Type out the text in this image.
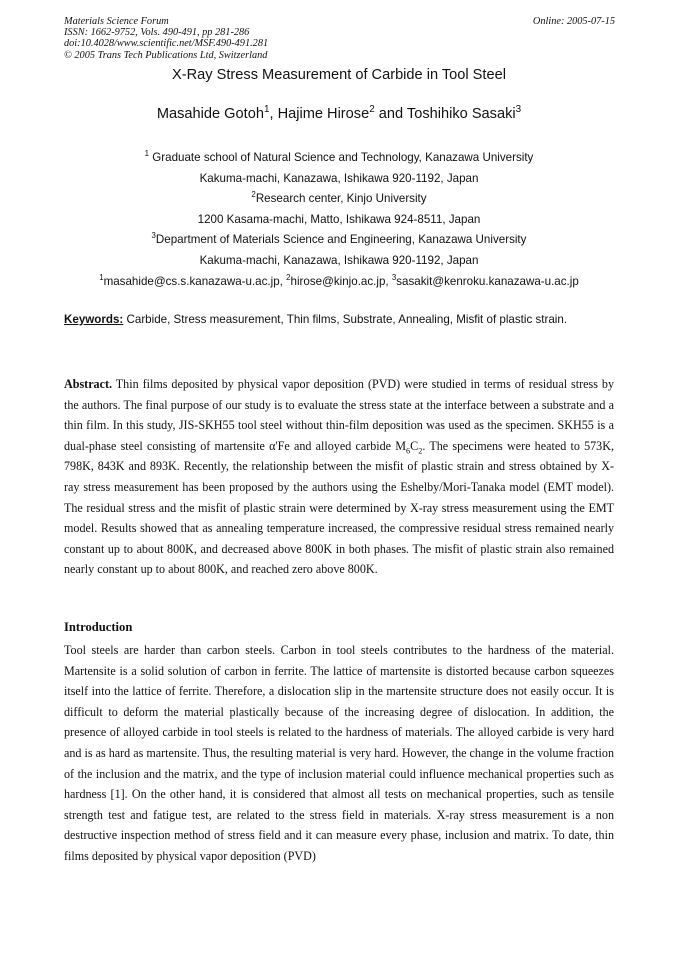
Materials Science Forum
ISSN: 1662-9752, Vols. 490-491, pp 281-286
doi:10.4028/www.scientific.net/MSF.490-491.281
© 2005 Trans Tech Publications Ltd, Switzerland
Online: 2005-07-15
X-Ray Stress Measurement of Carbide in Tool Steel
Masahide Gotoh$^1$, Hajime Hirose$^2$ and Toshihiko Sasaki$^3$
$^1$ Graduate school of Natural Science and Technology, Kanazawa University
Kakuma-machi, Kanazawa, Ishikawa 920-1192, Japan
$^2$Research center, Kinjo University
1200 Kasama-machi, Matto, Ishikawa 924-8511, Japan
$^3$Department of Materials Science and Engineering, Kanazawa University
Kakuma-machi, Kanazawa, Ishikawa 920-1192, Japan
$^1$masahide@cs.s.kanazawa-u.ac.jp, $^2$hirose@kinjo.ac.jp, $^3$sasakit@kenroku.kanazawa-u.ac.jp
Keywords: Carbide, Stress measurement, Thin films, Substrate, Annealing, Misfit of plastic strain.

Abstract. Thin films deposited by physical vapor deposition (PVD) were studied in terms of residual stress by the authors. The final purpose of our study is to evaluate the stress state at the interface between a substrate and a thin film. In this study, JIS-SKH55 tool steel without thin-film deposition was used as the specimen. SKH55 is a dual-phase steel consisting of martensite α'Fe and alloyed carbide $M_6C_2$. The specimens were heated to 573K, 798K, 843K and 893K. Recently, the relationship between the misfit of plastic strain and stress obtained by X-ray stress measurement has been proposed by the authors using the Eshelby/Mori-Tanaka model (EMT model). The residual stress and the misfit of plastic strain were determined by X-ray stress measurement using the EMT model. Results showed that as annealing temperature increased, the compressive residual stress remained nearly constant up to about 800K, and decreased above 800K in both phases. The misfit of plastic strain also remained nearly constant up to about 800K, and reached zero above 800K.

Introduction

Tool steels are harder than carbon steels. Carbon in tool steels contributes to the hardness of the material. Martensite is a solid solution of carbon in ferrite. The lattice of martensite is distorted because carbon squeezes itself into the lattice of ferrite. Therefore, a dislocation slip in the martensite structure does not easily occur. It is difficult to deform the material plastically because of the increasing degree of dislocation. In addition, the presence of alloyed carbide in tool steels is related to the hardness of materials. The alloyed carbide is very hard and is as hard as martensite. Thus, the resulting material is very hard. However, the change in the volume fraction of the inclusion and the matrix, and the type of inclusion material could influence mechanical properties such as hardness [1]. On the other hand, it is considered that almost all tests on mechanical properties, such as tensile strength test and fatigue test, are related to the stress field in materials. X-ray stress measurement is a non destructive inspection method of stress field and it can measure every phase, inclusion and matrix. To date, thin films deposited by physical vapor deposition (PVD)
